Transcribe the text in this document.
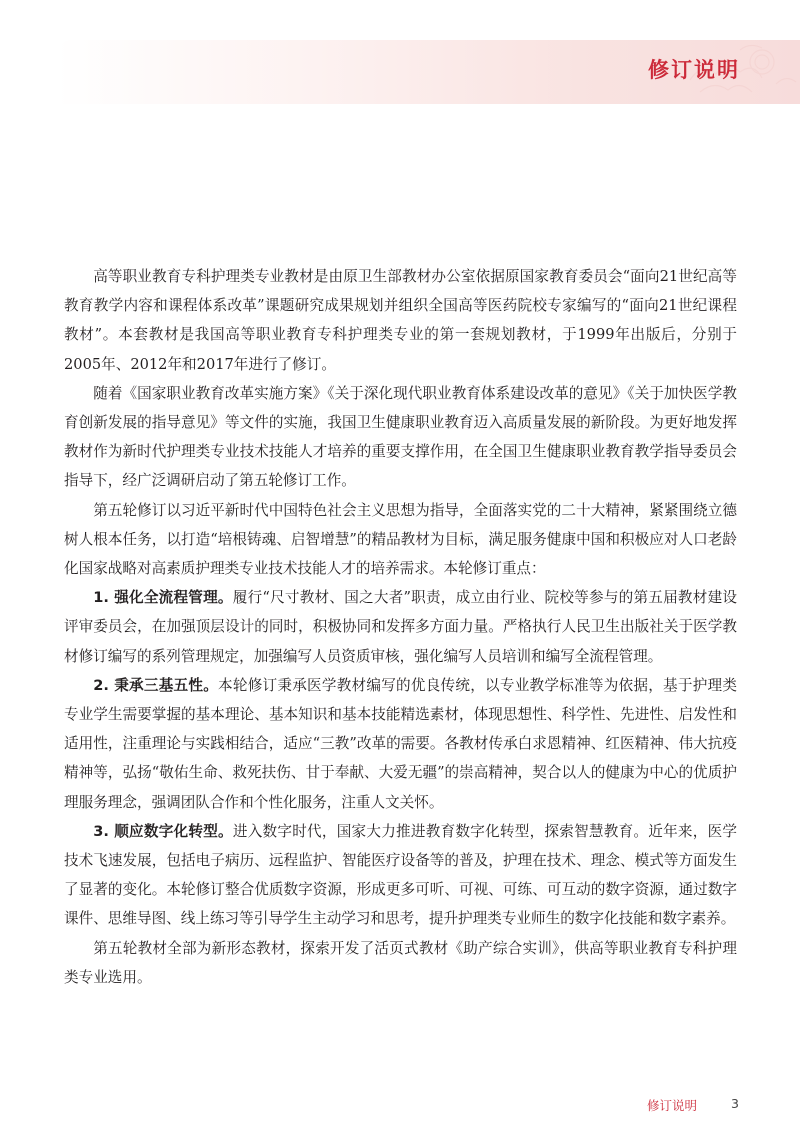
修订说明

高等职业教育专科护理类专业教材是由原卫生部教材办公室依据原国家教育委员会“面向21世纪高等教育教学内容和课程体系改革”课题研究成果规划并组织全国高等医药院校专家编写的“面向21世纪课程教材”。本套教材是我国高等职业教育专科护理类专业的第一套规划教材，于1999年出版后，分别于2005年、2012年和2017年进行了修订。

随着《国家职业教育改革实施方案》《关于深化现代职业教育体系建设改革的意见》《关于加快医学教育创新发展的指导意见》等文件的实施，我国卫生健康职业教育迈入高质量发展的新阶段。为更好地发挥教材作为新时代护理类专业技术技能人才培养的重要支撑作用，在全国卫生健康职业教育教学指导委员会指导下，经广泛调研启动了第五轮修订工作。

第五轮修订以习近平新时代中国特色社会主义思想为指导，全面落实党的二十大精神，紧紧围绕立德树人根本任务，以打造“培根铸魂、启智增慧”的精品教材为目标，满足服务健康中国和积极应对人口老龄化国家战略对高素质护理类专业技术技能人才的培养需求。本轮修订重点：

1. 强化全流程管理。履行“尺寸教材、国之大者”职责，成立由行业、院校等参与的第五届教材建设评审委员会，在加强顶层设计的同时，积极协同和发挥多方面力量。严格执行人民卫生出版社关于医学教材修订编写的系列管理规定，加强编写人员资质审核，强化编写人员培训和编写全流程管理。

2. 秉承三基五性。本轮修订秉承医学教材编写的优良传统，以专业教学标准等为依据，基于护理类专业学生需要掌握的基本理论、基本知识和基本技能精选素材，体现思想性、科学性、先进性、启发性和适用性，注重理论与实践相结合，适应“三教”改革的需要。各教材传承白求恩精神、红医精神、伟大抗疫精神等，弘扬“敬佑生命、救死扶伤、甘于奉献、大爱无疆”的崇高精神，契合以人的健康为中心的优质护理服务理念，强调团队合作和个性化服务，注重人文关怀。

3. 顺应数字化转型。进入数字时代，国家大力推进教育数字化转型，探索智慧教育。近年来，医学技术飞速发展，包括电子病历、远程监护、智能医疗设备等的普及，护理在技术、理念、模式等方面发生了显著的变化。本轮修订整合优质数字资源，形成更多可听、可视、可练、可互动的数字资源，通过数字课件、思维导图、线上练习等引导学生主动学习和思考，提升护理类专业师生的数字化技能和数字素养。

第五轮教材全部为新形态教材，探索开发了活页式教材《助产综合实训》，供高等职业教育专科护理类专业选用。

修订说明	3
